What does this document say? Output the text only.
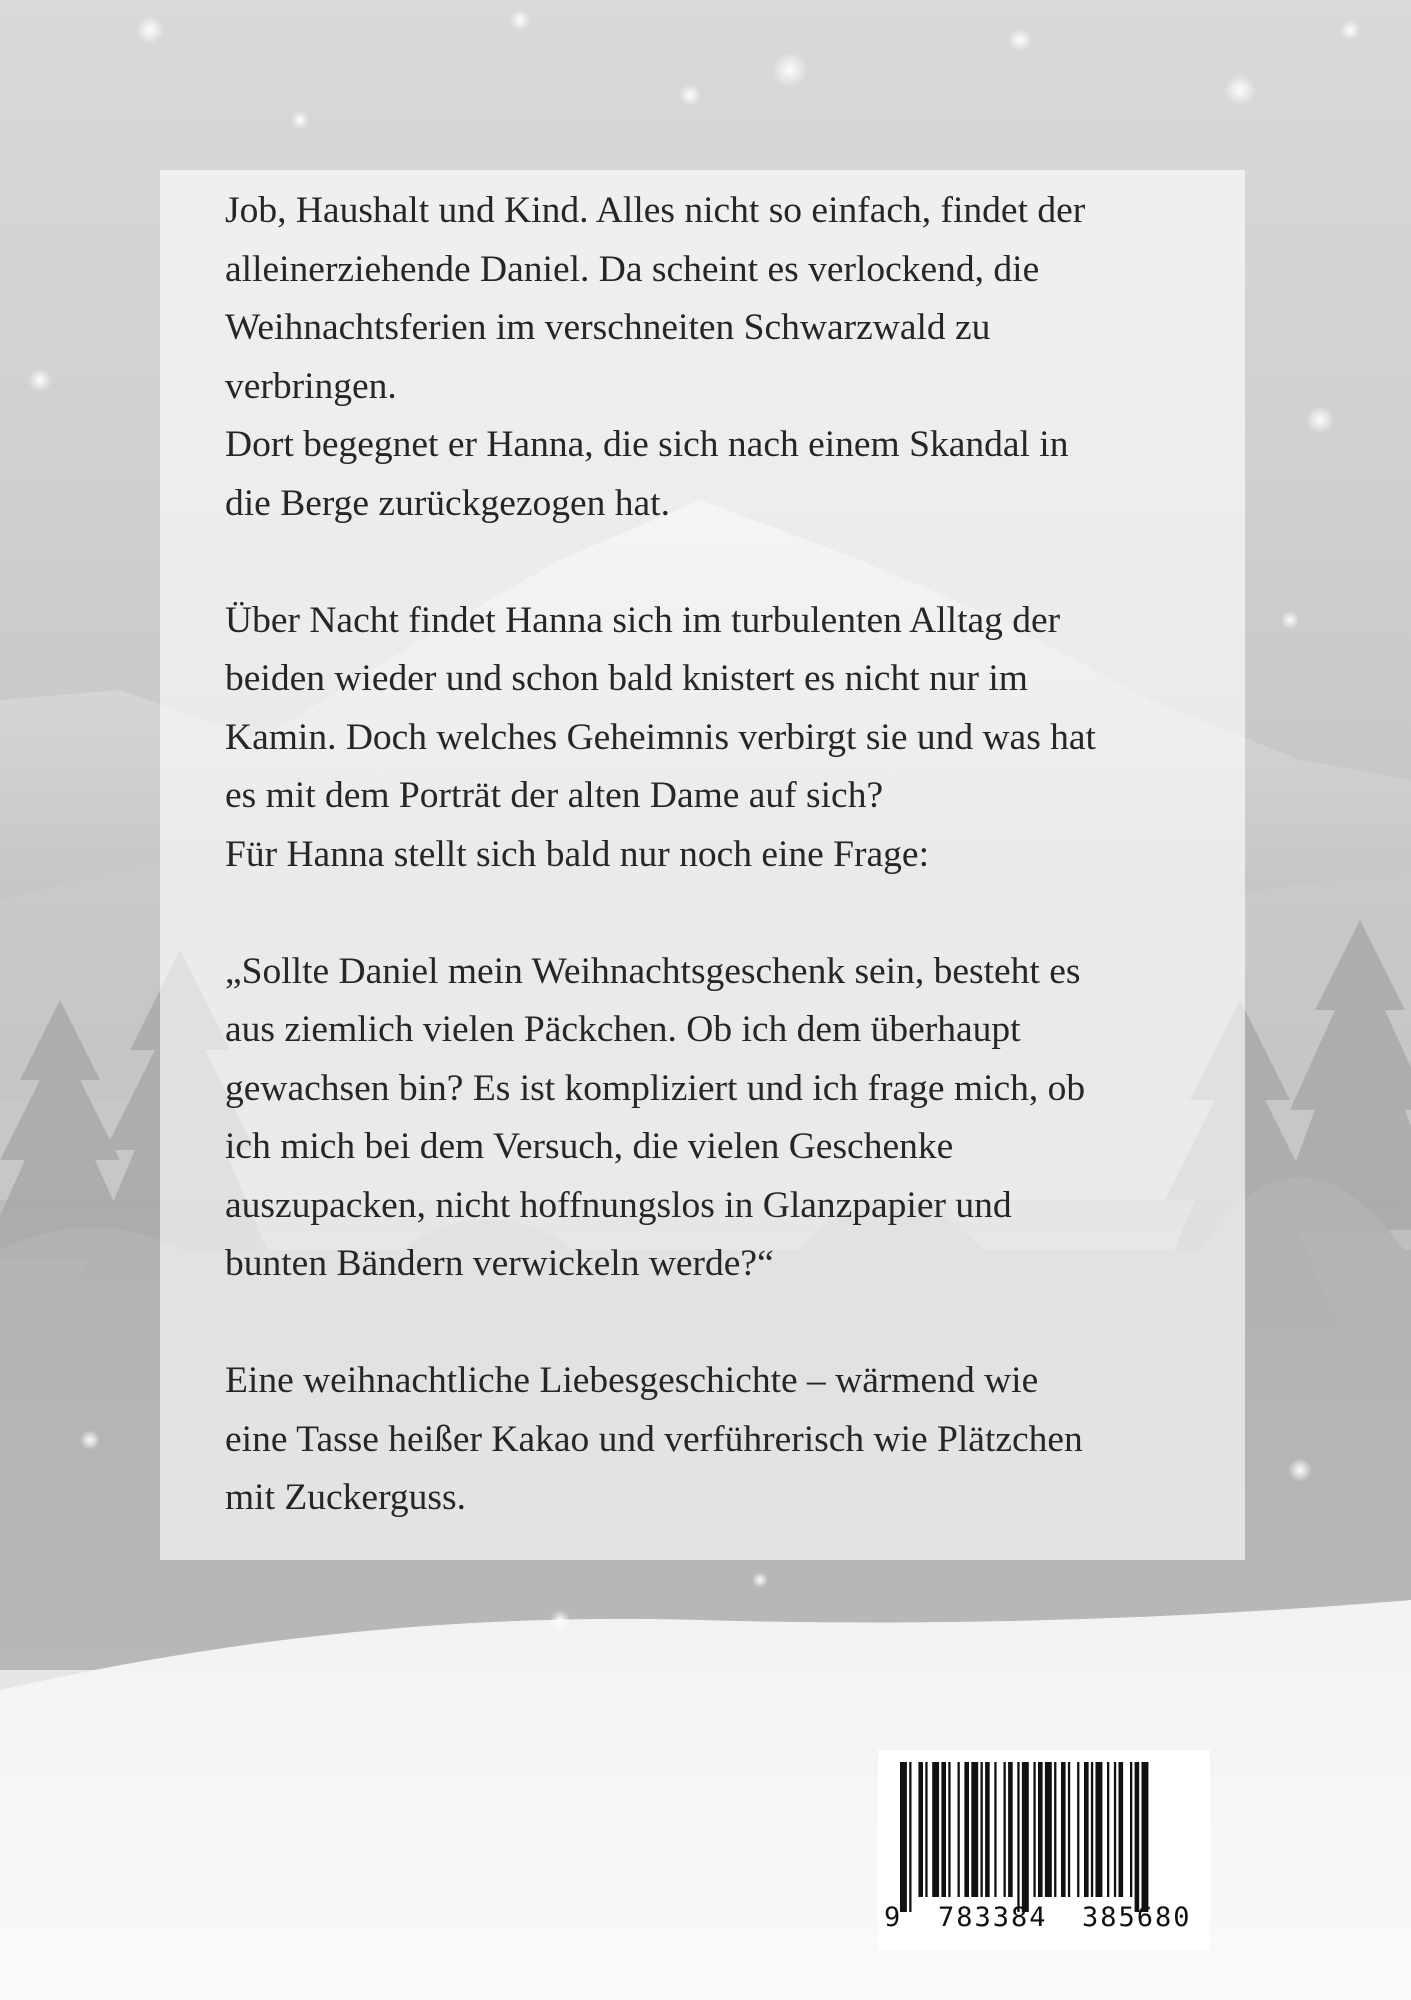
Job, Haushalt und Kind. Alles nicht so einfach, findet der
alleinerziehende Daniel. Da scheint es verlockend, die
Weihnachtsferien im verschneiten Schwarzwald zu
verbringen.
Dort begegnet er Hanna, die sich nach einem Skandal in
die Berge zurückgezogen hat.

Über Nacht findet Hanna sich im turbulenten Alltag der
beiden wieder und schon bald knistert es nicht nur im
Kamin. Doch welches Geheimnis verbirgt sie und was hat
es mit dem Porträt der alten Dame auf sich?
Für Hanna stellt sich bald nur noch eine Frage:

„Sollte Daniel mein Weihnachtsgeschenk sein, besteht es
aus ziemlich vielen Päckchen. Ob ich dem überhaupt
gewachsen bin? Es ist kompliziert und ich frage mich, ob
ich mich bei dem Versuch, die vielen Geschenke
auszupacken, nicht hoffnungslos in Glanzpapier und
bunten Bändern verwickeln werde?“

Eine weihnachtliche Liebesgeschichte – wärmend wie
eine Tasse heißer Kakao und verführerisch wie Plätzchen
mit Zuckerguss.

9 783384 385680
